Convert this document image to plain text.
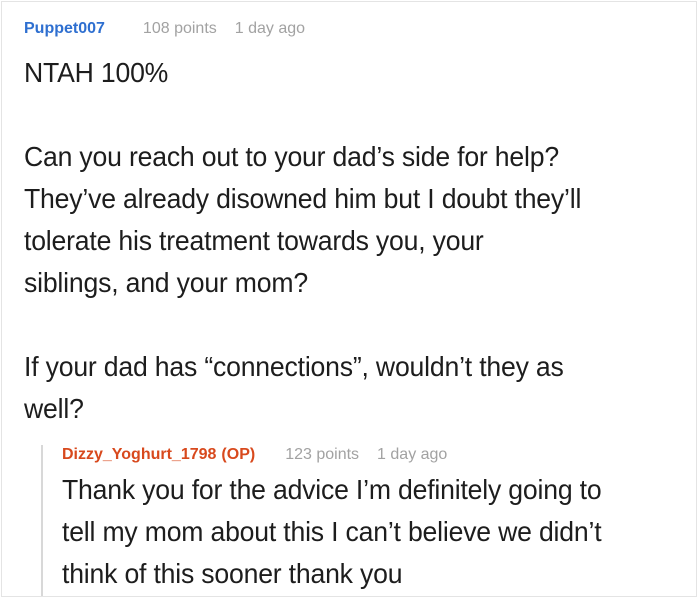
Puppet007 108 points 1 day ago
NTAH 100%
Can you reach out to your dad’s side for help?
They’ve already disowned him but I doubt they’ll
tolerate his treatment towards you, your
siblings, and your mom?
If your dad has “connections”, wouldn’t they as
well?
Dizzy_Yoghurt_1798 (OP) 123 points 1 day ago
Thank you for the advice I’m definitely going to
tell my mom about this I can’t believe we didn’t
think of this sooner thank you
